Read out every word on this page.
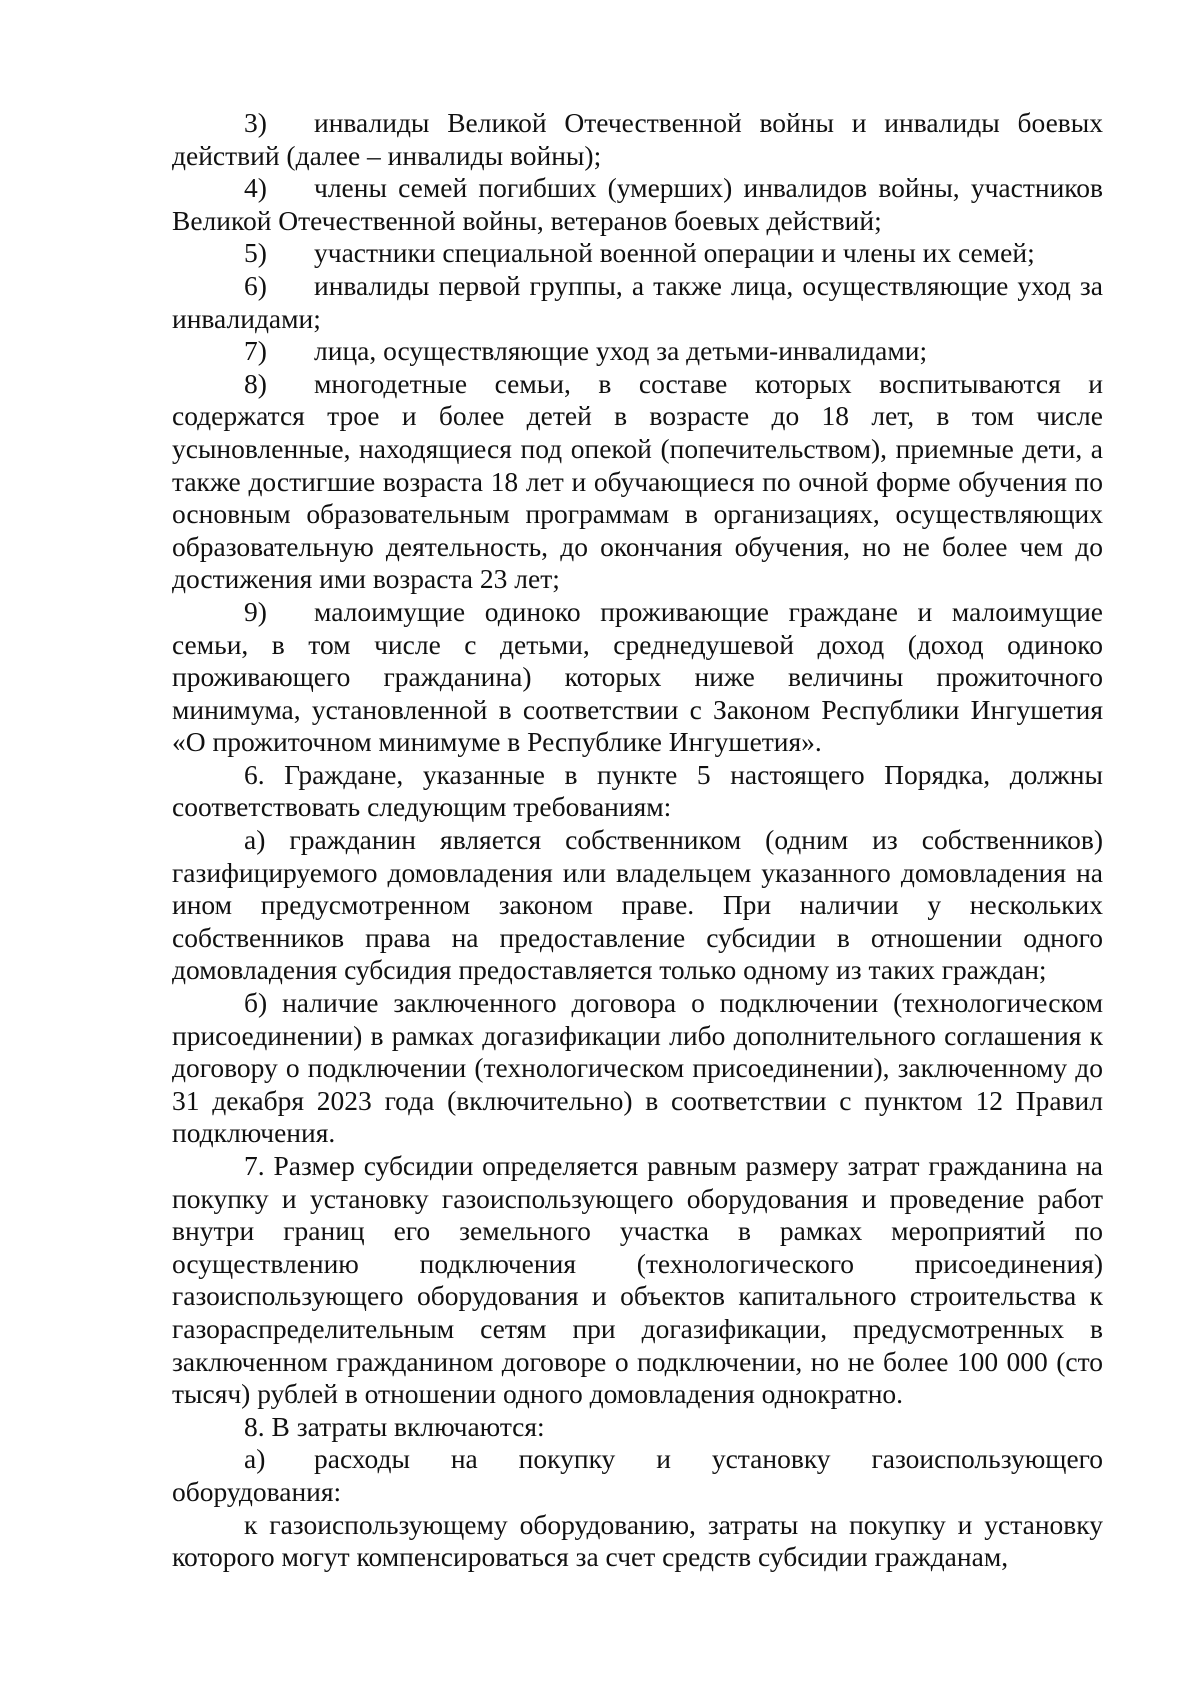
3) инвалиды Великой Отечественной войны и инвалиды боевых действий (далее – инвалиды войны);

4) члены семей погибших (умерших) инвалидов войны, участников Великой Отечественной войны, ветеранов боевых действий;

5) участники специальной военной операции и члены их семей;

6) инвалиды первой группы, а также лица, осуществляющие уход за инвалидами;

7) лица, осуществляющие уход за детьми-инвалидами;

8) многодетные семьи, в составе которых воспитываются и содержатся трое и более детей в возрасте до 18 лет, в том числе усыновленные, находящиеся под опекой (попечительством), приемные дети, а также достигшие возраста 18 лет и обучающиеся по очной форме обучения по основным образовательным программам в организациях, осуществляющих образовательную деятельность, до окончания обучения, но не более чем до достижения ими возраста 23 лет;

9) малоимущие одиноко проживающие граждане и малоимущие семьи, в том числе с детьми, среднедушевой доход (доход одиноко проживающего гражданина) которых ниже величины прожиточного минимума, установленной в соответствии с Законом Республики Ингушетия «О прожиточном минимуме в Республике Ингушетия».

6. Граждане, указанные в пункте 5 настоящего Порядка, должны соответствовать следующим требованиям:

а) гражданин является собственником (одним из собственников) газифицируемого домовладения или владельцем указанного домовладения на ином предусмотренном законом праве. При наличии у нескольких собственников права на предоставление субсидии в отношении одного домовладения субсидия предоставляется только одному из таких граждан;

б) наличие заключенного договора о подключении (технологическом присоединении) в рамках догазификации либо дополнительного соглашения к договору о подключении (технологическом присоединении), заключенному до 31 декабря 2023 года (включительно) в соответствии с пунктом 12 Правил подключения.

7. Размер субсидии определяется равным размеру затрат гражданина на покупку и установку газоиспользующего оборудования и проведение работ внутри границ его земельного участка в рамках мероприятий по осуществлению подключения (технологического присоединения) газоиспользующего оборудования и объектов капитального строительства к газораспределительным сетям при догазификации, предусмотренных в заключенном гражданином договоре о подключении, но не более 100 000 (сто тысяч) рублей в отношении одного домовладения однократно.

8. В затраты включаются:

а) расходы на покупку и установку газоиспользующего оборудования:

к газоиспользующему оборудованию, затраты на покупку и установку которого могут компенсироваться за счет средств субсидии гражданам,
